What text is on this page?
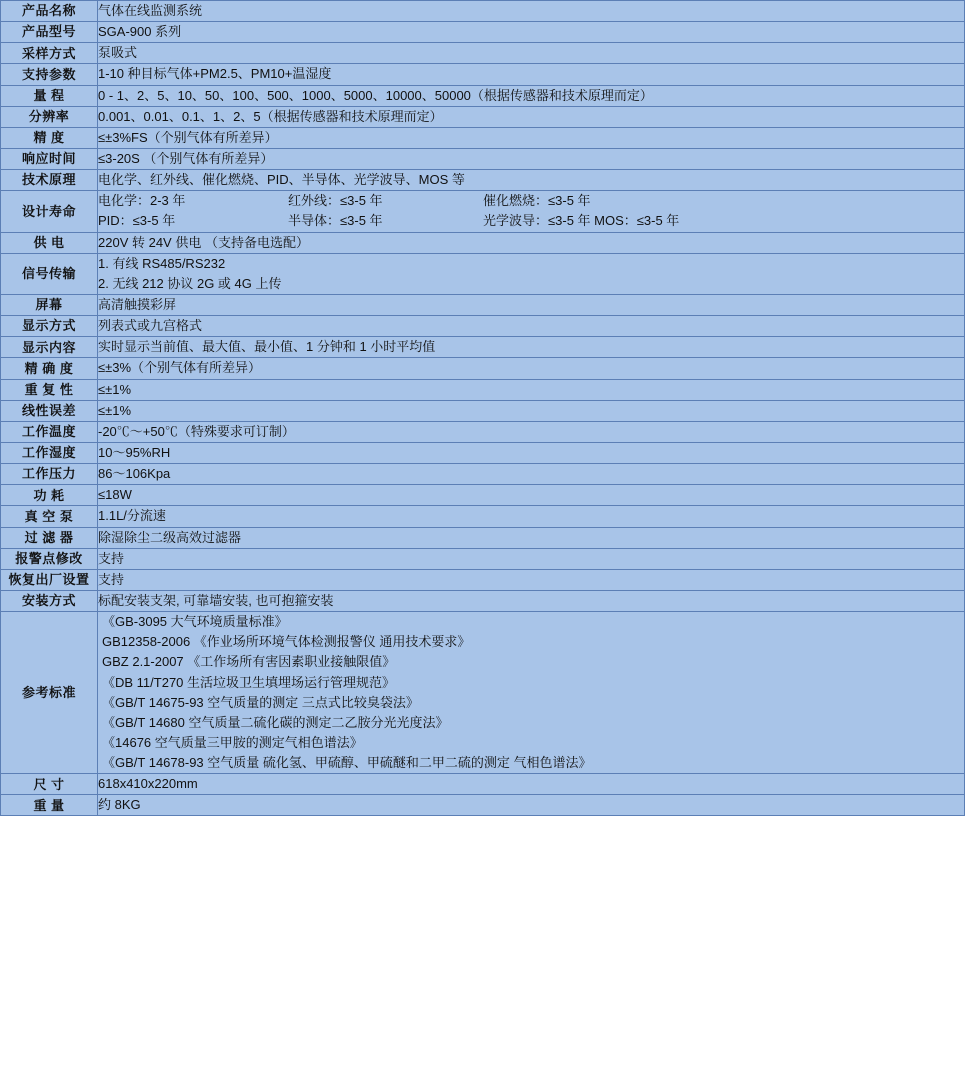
产品名称	气体在线监测系统
产品型号	SGA-900 系列
采样方式	泵吸式
支持参数	1-10 种目标气体+PM2.5、PM10+温湿度
量 程	0 - 1、2、5、10、50、100、500、1000、5000、10000、50000（根据传感器和技术原理而定）
分辨率	0.001、0.01、0.1、1、2、5（根据传感器和技术原理而定）
精 度	≤±3%FS（个别气体有所差异）
响应时间	≤3-20S （个别气体有所差异）
技术原理	电化学、红外线、催化燃烧、PID、半导体、光学波导、MOS 等
设计寿命	电化学：2-3 年 红外线：≤3-5 年 催化燃烧：≤3-5 年
PID：≤3-5 年 半导体：≤3-5 年 光学波导：≤3-5 年 MOS：≤3-5 年

供 电	220V 转 24V 供电 （支持备电选配）
信号传输	1. 有线 RS485/RS232
2. 无线 212 协议 2G 或 4G 上传

屏幕	高清触摸彩屏
显示方式	列表式或九宫格式
显示内容	实时显示当前值、最大值、最小值、1 分钟和 1 小时平均值
精 确 度	≤±3%（个别气体有所差异）
重 复 性	≤±1%
线性误差	≤±1%
工作温度	-20℃～+50℃（特殊要求可订制）
工作湿度	10～95%RH
工作压力	86～106Kpa
功 耗	≤18W
真 空 泵	1.1L/分流速
过 滤 器	除湿除尘二级高效过滤器
报警点修改	支持
恢复出厂设置	支持
安装方式	标配安装支架, 可靠墙安装, 也可抱箍安装
参考标准	
《GB-3095 大气环境质量标准》
GB12358-2006 《作业场所环境气体检测报警仪 通用技术要求》
GBZ 2.1-2007 《工作场所有害因素职业接触限值》
《DB 11/T270 生活垃圾卫生填埋场运行管理规范》
《GB/T 14675-93 空气质量的测定 三点式比较臭袋法》
《GB/T 14680 空气质量二硫化碳的测定二乙胺分光光度法》
《14676 空气质量三甲胺的测定气相色谱法》
《GB/T 14678-93 空气质量 硫化氢、甲硫醇、甲硫醚和二甲二硫的测定 气相色谱法》

尺 寸	618x410x220mm
重 量	约 8KG
